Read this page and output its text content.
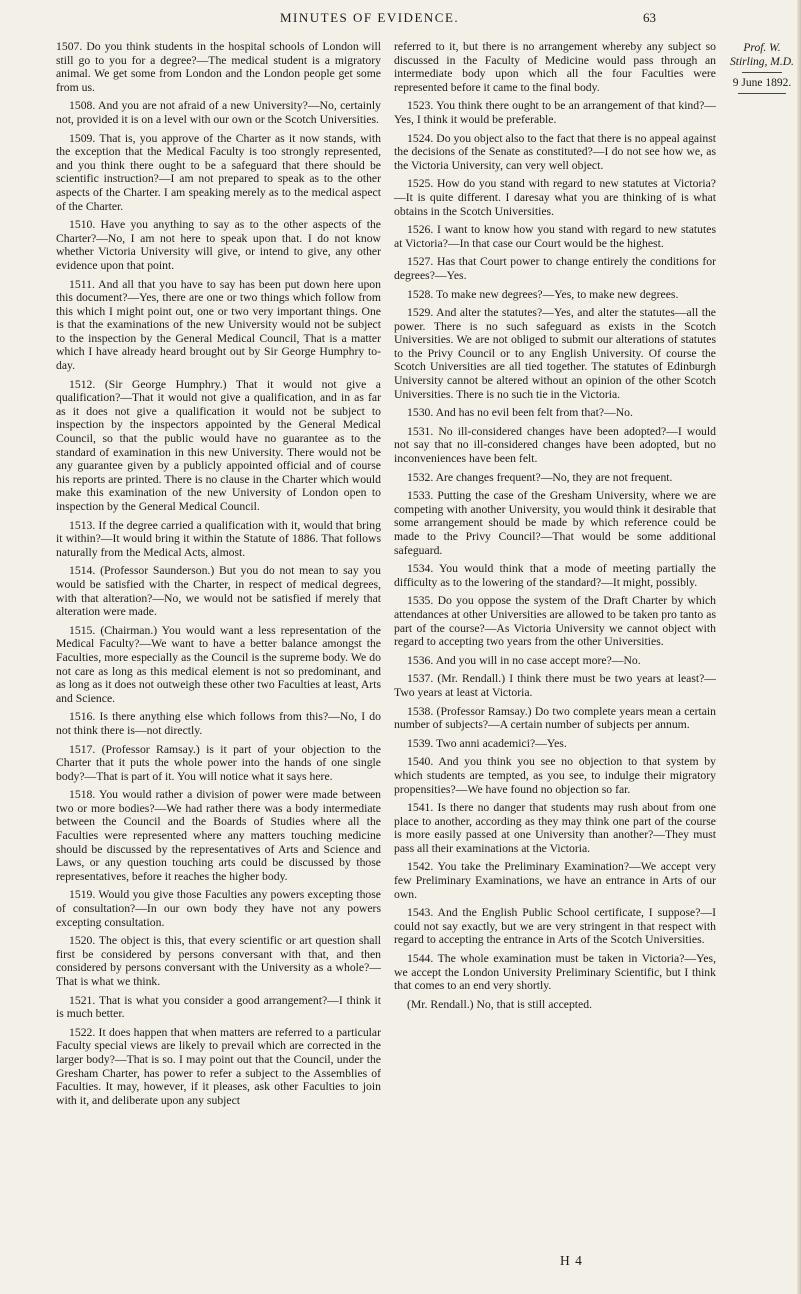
MINUTES OF EVIDENCE.	63

1507. Do you think students in the hospital schools of London will still go to you for a degree?—The medical student is a migratory animal. We get some from London and the London people get some from us.

1508. And you are not afraid of a new University?—No, certainly not, provided it is on a level with our own or the Scotch Universities.

1509. That is, you approve of the Charter as it now stands, with the exception that the Medical Faculty is too strongly represented, and you think there ought to be a safeguard that there should be scientific instruction?—I am not prepared to speak as to the other aspects of the Charter. I am speaking merely as to the medical aspect of the Charter.

1510. Have you anything to say as to the other aspects of the Charter?—No, I am not here to speak upon that. I do not know whether Victoria University will give, or intend to give, any other evidence upon that point.

1511. And all that you have to say has been put down here upon this document?—Yes, there are one or two things which follow from this which I might point out, one or two very important things. One is that the examinations of the new University would not be subject to the inspection by the General Medical Council, That is a matter which I have already heard brought out by Sir George Humphry to-day.

1512. (Sir George Humphry.) That it would not give a qualification?—That it would not give a qualification, and in as far as it does not give a qualification it would not be subject to inspection by the inspectors appointed by the General Medical Council, so that the public would have no guarantee as to the standard of examination in this new University. There would not be any guarantee given by a publicly appointed official and of course his reports are printed. There is no clause in the Charter which would make this examination of the new University of London open to inspection by the General Medical Council.

1513. If the degree carried a qualification with it, would that bring it within?—It would bring it within the Statute of 1886. That follows naturally from the Medical Acts, almost.

1514. (Professor Saunderson.) But you do not mean to say you would be satisfied with the Charter, in respect of medical degrees, with that alteration?—No, we would not be satisfied if merely that alteration were made.

1515. (Chairman.) You would want a less representation of the Medical Faculty?—We want to have a better balance amongst the Faculties, more especially as the Council is the supreme body. We do not care as long as this medical element is not so predominant, and as long as it does not outweigh these other two Faculties at least, Arts and Science.

1516. Is there anything else which follows from this?—No, I do not think there is—not directly.

1517. (Professor Ramsay.) is it part of your objection to the Charter that it puts the whole power into the hands of one single body?—That is part of it. You will notice what it says here.

1518. You would rather a division of power were made between two or more bodies?—We had rather there was a body intermediate between the Council and the Boards of Studies where all the Faculties were represented where any matters touching medicine should be discussed by the representatives of Arts and Science and Laws, or any question touching arts could be discussed by those representatives, before it reaches the higher body.

1519. Would you give those Faculties any powers excepting those of consultation?—In our own body they have not any powers excepting consultation.

1520. The object is this, that every scientific or art question shall first be considered by persons conversant with that, and then considered by persons conversant with the University as a whole?—That is what we think.

1521. That is what you consider a good arrangement?—I think it is much better.

1522. It does happen that when matters are referred to a particular Faculty special views are likely to prevail which are corrected in the larger body?—That is so. I may point out that the Council, under the Gresham Charter, has power to refer a subject to the Assemblies of Faculties. It may, however, if it pleases, ask other Faculties to join with it, and deliberate upon any subject

referred to it, but there is no arrangement whereby any subject so discussed in the Faculty of Medicine would pass through an intermediate body upon which all the four Faculties were represented before it came to the final body.

1523. You think there ought to be an arrangement of that kind?—Yes, I think it would be preferable.

1524. Do you object also to the fact that there is no appeal against the decisions of the Senate as constituted?—I do not see how we, as the Victoria University, can very well object.

1525. How do you stand with regard to new statutes at Victoria?—It is quite different. I daresay what you are thinking of is what obtains in the Scotch Universities.

1526. I want to know how you stand with regard to new statutes at Victoria?—In that case our Court would be the highest.

1527. Has that Court power to change entirely the conditions for degrees?—Yes.

1528. To make new degrees?—Yes, to make new degrees.

1529. And alter the statutes?—Yes, and alter the statutes—all the power. There is no such safeguard as exists in the Scotch Universities. We are not obliged to submit our alterations of statutes to the Privy Council or to any English University. Of course the Scotch Universities are all tied together. The statutes of Edinburgh University cannot be altered without an opinion of the other Scotch Universities. There is no such tie in the Victoria.

1530. And has no evil been felt from that?—No.

1531. No ill-considered changes have been adopted?—I would not say that no ill-considered changes have been adopted, but no inconveniences have been felt.

1532. Are changes frequent?—No, they are not frequent.

1533. Putting the case of the Gresham University, where we are competing with another University, you would think it desirable that some arrangement should be made by which reference could be made to the Privy Council?—That would be some additional safeguard.

1534. You would think that a mode of meeting partially the difficulty as to the lowering of the standard?—It might, possibly.

1535. Do you oppose the system of the Draft Charter by which attendances at other Universities are allowed to be taken pro tanto as part of the course?—As Victoria University we cannot object with regard to accepting two years from the other Universities.

1536. And you will in no case accept more?—No.

1537. (Mr. Rendall.) I think there must be two years at least?—Two years at least at Victoria.

1538. (Professor Ramsay.) Do two complete years mean a certain number of subjects?—A certain number of subjects per annum.

1539. Two anni academici?—Yes.

1540. And you think you see no objection to that system by which students are tempted, as you see, to indulge their migratory propensities?—We have found no objection so far.

1541. Is there no danger that students may rush about from one place to another, according as they may think one part of the course is more easily passed at one University than another?—They must pass all their examinations at the Victoria.

1542. You take the Preliminary Examination?—We accept very few Preliminary Examinations, we have an entrance in Arts of our own.

1543. And the English Public School certificate, I suppose?—I could not say exactly, but we are very stringent in that respect with regard to accepting the entrance in Arts of the Scotch Universities.

1544. The whole examination must be taken in Victoria?—Yes, we accept the London University Preliminary Scientific, but I think that comes to an end very shortly.

(Mr. Rendall.) No, that is still accepted.

Prof. W.
Stirling, M.D.
9 June 1892.
H 4
